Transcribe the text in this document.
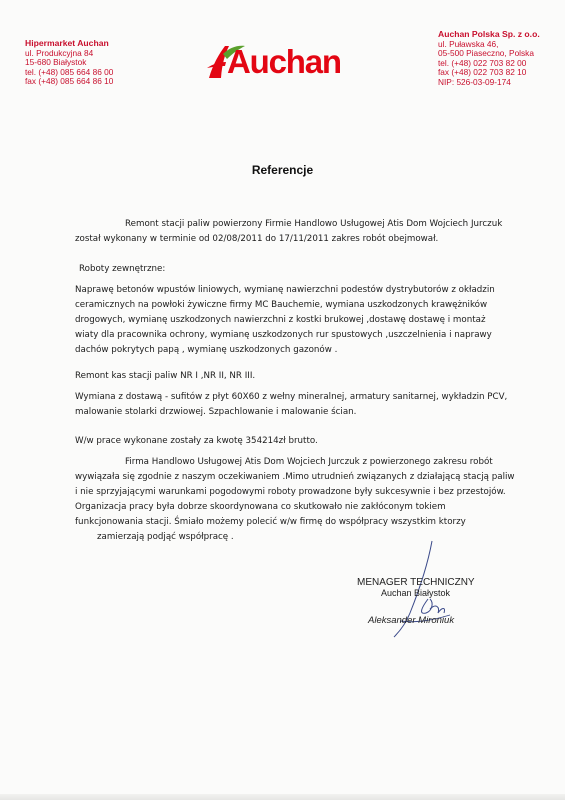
Hipermarket Auchan
ul. Produkcyjna 84
15-680 Białystok
tel. (+48) 085 664 86 00
fax (+48) 085 664 86 10
Auchan
Auchan Polska Sp. z o.o.
ul. Puławska 46,
05-500 Piaseczno, Polska
tel. (+48) 022 703 82 00
fax (+48) 022 703 82 10
NIP: 526-03-09-174
Referencje
Remont stacji paliw powierzony Firmie Handlowo Usługowej Atis Dom Wojciech Jurczuk
został wykonany w terminie od 02/08/2011 do 17/11/2011 zakres robót obejmował.
Roboty zewnętrzne:
Naprawę betonów wpustów liniowych, wymianę nawierzchni podestów dystrybutorów z okładzin
ceramicznych na powłoki żywiczne firmy MC Bauchemie, wymiana uszkodzonych krawężników
drogowych, wymianę uszkodzonych nawierzchni z kostki brukowej ,dostawę dostawę i montaż
wiaty dla pracownika ochrony, wymianę uszkodzonych rur spustowych ,uszczelnienia i naprawy
dachów pokrytych papą , wymianę uszkodzonych gazonów .
Remont kas stacji paliw NR I ,NR II, NR III.
Wymiana z dostawą - sufitów z płyt 60X60 z wełny mineralnej, armatury sanitarnej, wykładzin PCV,
malowanie stolarki drzwiowej. Szpachlowanie i malowanie ścian.
W/w prace wykonane zostały za kwotę 354214zł brutto.
Firma Handlowo Usługowej Atis Dom Wojciech Jurczuk z powierzonego zakresu robót
wywiązała się zgodnie z naszym oczekiwaniem .Mimo utrudnień związanych z działającą stacją paliw
i nie sprzyjającymi warunkami pogodowymi roboty prowadzone były sukcesywnie i bez przestojów.
Organizacja pracy była dobrze skoordynowana co skutkowało nie zakłóconym tokiem
funkcjonowania stacji. Śmiało możemy polecić w/w firmę do współpracy wszystkim ktorzy
zamierzają podjąć współpracę .
MENAGER TECHNICZNY
Auchan Białystok
Aleksander Mironiuk
